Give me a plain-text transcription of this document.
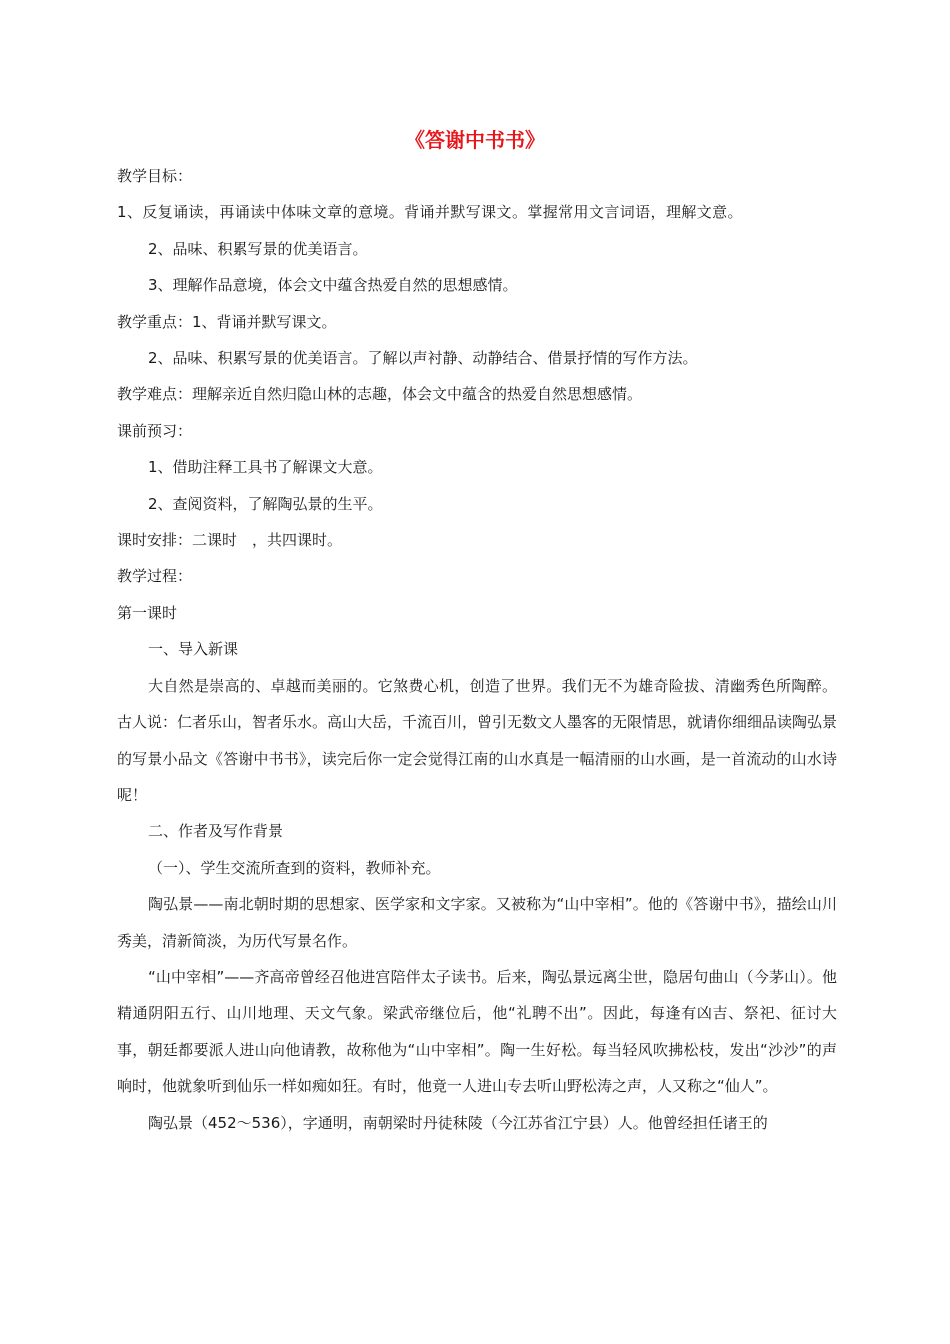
《答谢中书书》

教学目标：

1、反复诵读，再诵读中体味文章的意境。背诵并默写课文。掌握常用文言词语，理解文意。

2、品味、积累写景的优美语言。

3、理解作品意境，体会文中蕴含热爱自然的思想感情。

教学重点：1、背诵并默写课文。

2、品味、积累写景的优美语言。了解以声衬静、动静结合、借景抒情的写作方法。

教学难点：理解亲近自然归隐山林的志趣，体会文中蕴含的热爱自然思想感情。

课前预习：

1、借助注释工具书了解课文大意。

2、查阅资料，了解陶弘景的生平。

课时安排：二课时　，共四课时。

教学过程：

第一课时

一、导入新课

大自然是崇高的、卓越而美丽的。它煞费心机，创造了世界。我们无不为雄奇险拔、清幽秀色所陶醉。古人说：仁者乐山，智者乐水。高山大岳，千流百川，曾引无数文人墨客的无限情思，就请你细细品读陶弘景的写景小品文《答谢中书书》，读完后你一定会觉得江南的山水真是一幅清丽的山水画，是一首流动的山水诗呢！

二、作者及写作背景

（一）、学生交流所查到的资料，教师补充。

陶弘景——南北朝时期的思想家、医学家和文字家。又被称为“山中宰相”。他的《答谢中书》，描绘山川秀美，清新简淡，为历代写景名作。

“山中宰相”——齐高帝曾经召他进宫陪伴太子读书。后来，陶弘景远离尘世，隐居句曲山（今茅山）。他精通阴阳五行、山川地理、天文气象。梁武帝继位后，他“礼聘不出”。因此，每逢有凶吉、祭祀、征讨大事，朝廷都要派人进山向他请教，故称他为“山中宰相”。陶一生好松。每当轻风吹拂松枝，发出“沙沙”的声响时，他就象听到仙乐一样如痴如狂。有时，他竟一人进山专去听山野松涛之声，人又称之“仙人”。

陶弘景（452～536），字通明，南朝梁时丹徒秣陵（今江苏省江宁县）人。他曾经担任诸王的
